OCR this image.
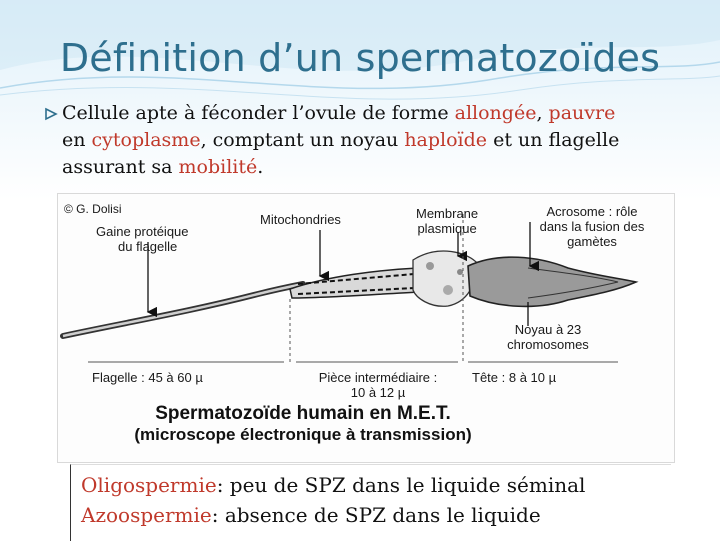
Définition d’un spermatozoïdes
Cellule apte à féconder l’ovule de forme allongée, pauvre
en cytoplasme, comptant un noyau haploïde et un flagelle
assurant sa mobilité.
© G. Dolisi
Gaine protéique
du flagelle
Mitochondries	Membrane
plasmique
Acrosome : rôle
dans la fusion des
gamètes
Noyau à 23
chromosomes
Flagelle : 45 à 60 µ	Pièce intermédiaire :
10 à 12 µ
Tête : 8 à 10 µ
Spermatozoïde humain en M.E.T.
(microscope électronique à transmission)
Oligospermie: peu de SPZ dans le liquide séminal
Azoospermie: absence de SPZ dans le liquide
